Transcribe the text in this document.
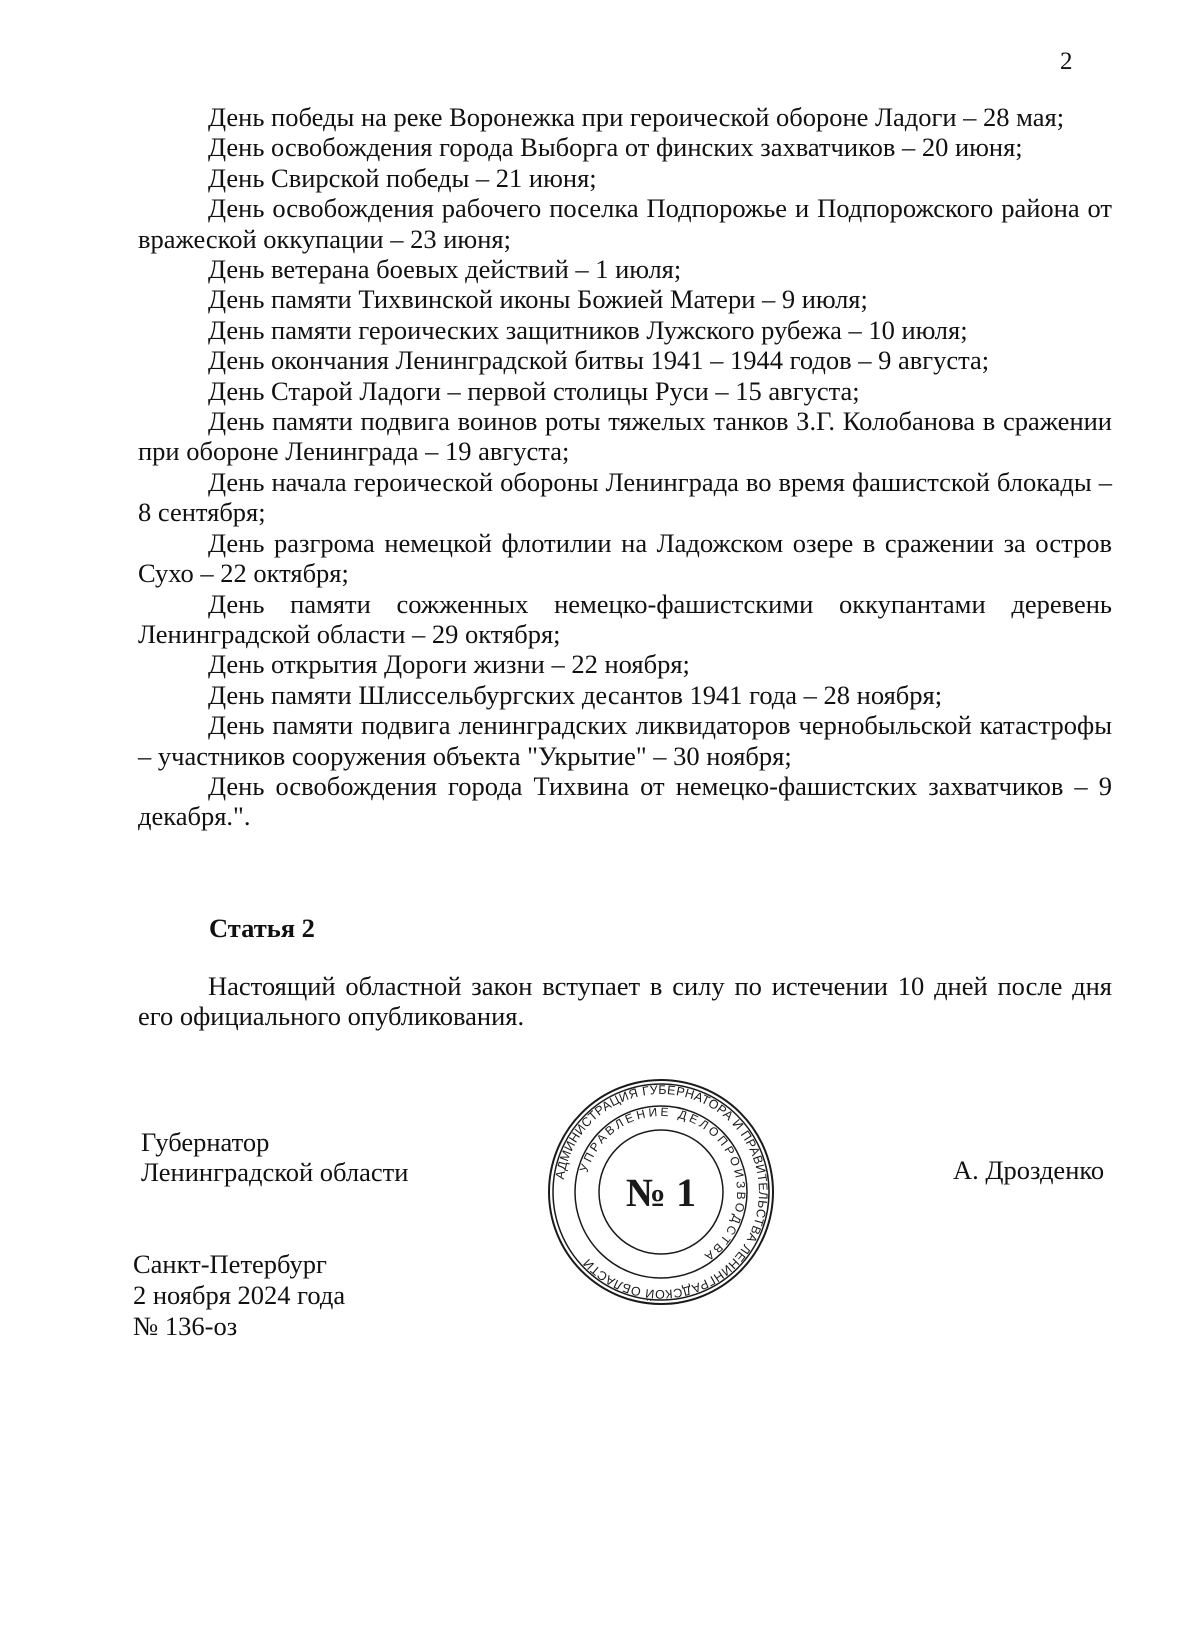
2

День победы на реке Воронежка при героической обороне Ладоги – 28 мая;

День освобождения города Выборга от финских захватчиков – 20 июня;

День Свирской победы – 21 июня;

День освобождения рабочего поселка Подпорожье и Подпорожского района от вражеской оккупации – 23 июня;

День ветерана боевых действий – 1 июля;

День памяти Тихвинской иконы Божией Матери – 9 июля;

День памяти героических защитников Лужского рубежа – 10 июля;

День окончания Ленинградской битвы 1941 – 1944 годов – 9 августа;

День Старой Ладоги – первой столицы Руси – 15 августа;

День памяти подвига воинов роты тяжелых танков З.Г. Колобанова в сражении при обороне Ленинграда – 19 августа;

День начала героической обороны Ленинграда во время фашистской блокады – 8 сентября;

День разгрома немецкой флотилии на Ладожском озере в сражении за остров Сухо – 22 октября;

День памяти сожженных немецко-фашистскими оккупантами деревень Ленинградской области – 29 октября;

День открытия Дороги жизни – 22 ноября;

День памяти Шлиссельбургских десантов 1941 года – 28 ноября;

День памяти подвига ленинградских ликвидаторов чернобыльской катастрофы – участников сооружения объекта "Укрытие" – 30 ноября;

День освобождения города Тихвина от немецко-фашистских захватчиков – 9 декабря.".

Статья 2

Настоящий областной закон вступает в силу по истечении 10 дней после дня его официального опубликования.

Губернатор
Ленинградской области	АДМИНИСТРАЦИЯ ГУБЕРНАТОРА И ПРАВИТЕЛЬСТВА ЛЕНИНГРАДСКОЙ ОБЛАСТИ
УПРАВЛЕНИЕ ДЕЛОПРОИЗВОДСТВА
№ 1	А. Дрозденко
Санкт-Петербург
2 ноября 2024 года
№ 136-оз
